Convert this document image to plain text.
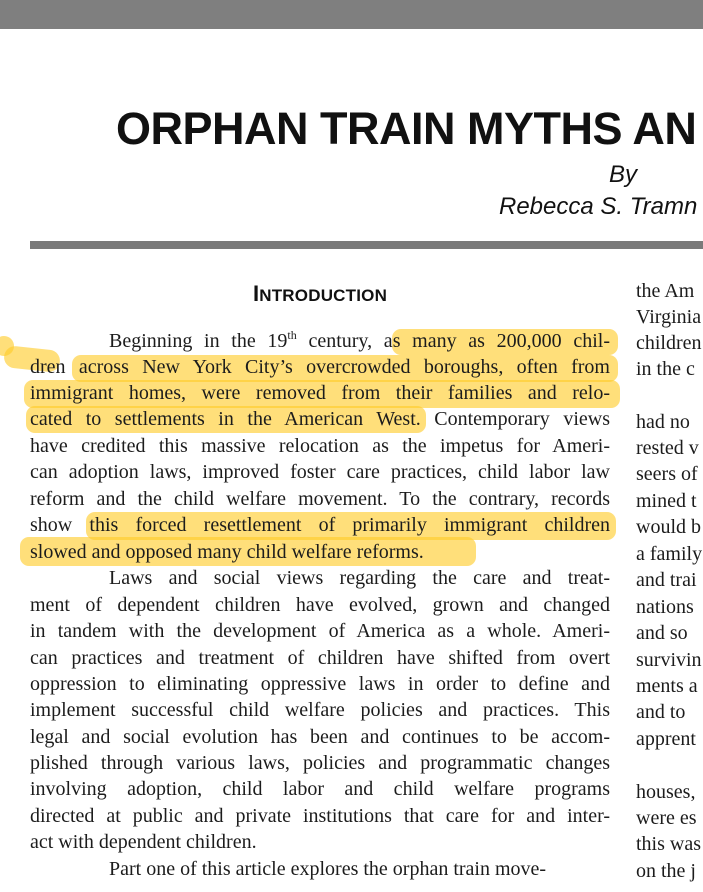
ORPHAN TRAIN MYTHS AN
By
Rebecca S. Tramn
INTRODUCTION
Beginning in the 19th century, as many as 200,000 chil-
dren across New York City’s overcrowded boroughs, often from
immigrant homes, were removed from their families and relo-
cated to settlements in the American West. Contemporary views
have credited this massive relocation as the impetus for Ameri-
can adoption laws, improved foster care practices, child labor law
reform and the child welfare movement. To the contrary, records
show this forced resettlement of primarily immigrant children
slowed and opposed many child welfare reforms.
Laws and social views regarding the care and treat-
ment of dependent children have evolved, grown and changed
in tandem with the development of America as a whole. Ameri-
can practices and treatment of children have shifted from overt
oppression to eliminating oppressive laws in order to define and
implement successful child welfare policies and practices. This
legal and social evolution has been and continues to be accom-
plished through various laws, policies and programmatic changes
involving adoption, child labor and child welfare programs
directed at public and private institutions that care for and inter-
act with dependent children.
Part one of this article explores the orphan train move-
the Am
Virginia
children
in the c
had no
rested v
seers of
mined t
would b
a family
and trai
nations
and so
survivin
ments a
and to
apprent
houses,
were es
this was
on the j
